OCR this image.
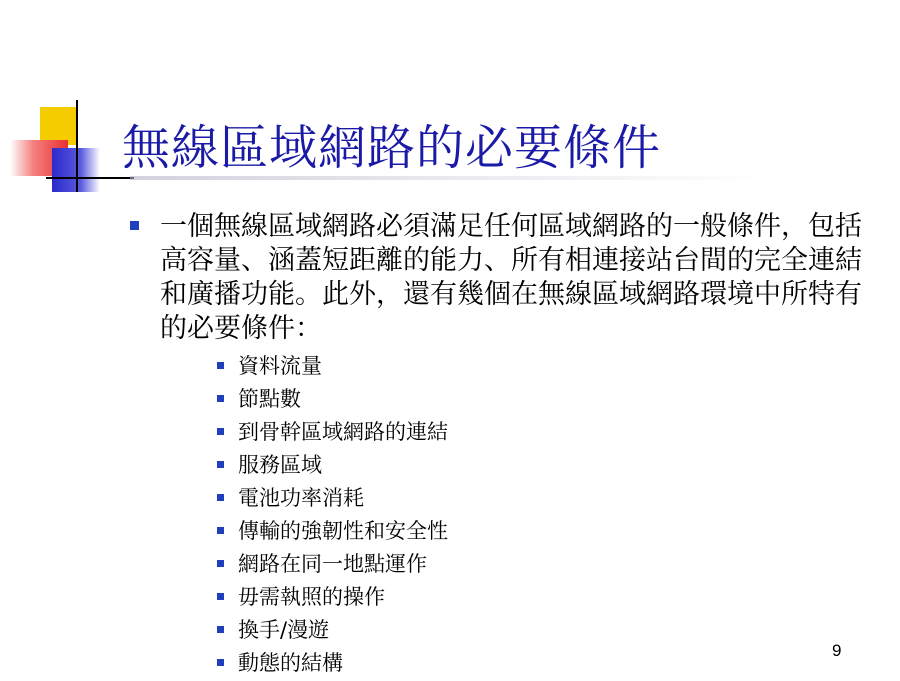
無線區域網路的必要條件
一個無線區域網路必須滿足任何區域網路的一般條件，包括高容量、涵蓋短距離的能力、所有相連接站台間的完全連結和廣播功能。此外，還有幾個在無線區域網路環境中所特有的必要條件：
資料流量
節點數
到骨幹區域網路的連結
服務區域
電池功率消耗
傳輸的強韌性和安全性
網路在同一地點運作
毋需執照的操作
換手/漫遊
動態的結構
9
